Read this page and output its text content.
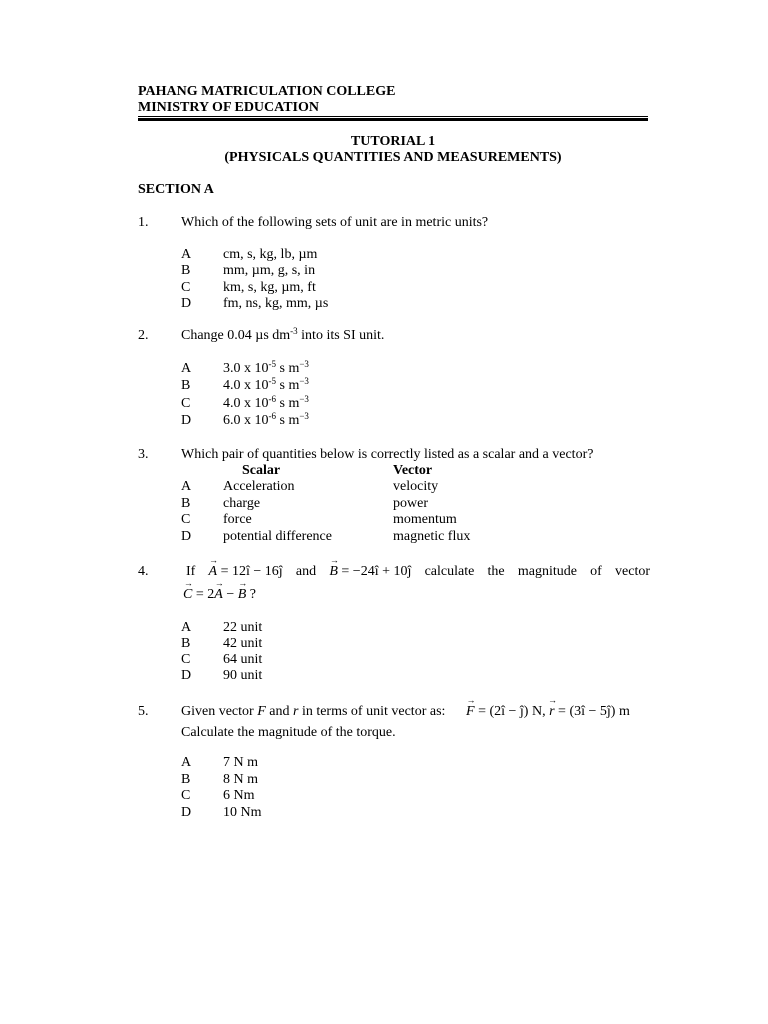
PAHANG MATRICULATION COLLEGE
MINISTRY OF EDUCATION
TUTORIAL 1
(PHYSICALS QUANTITIES AND MEASUREMENTS)
SECTION A
1. Which of the following sets of unit are in metric units?
A cm, s, kg, lb, µm
B mm, µm, g, s, in
C km, s, kg, µm, ft
D fm, ns, kg, mm, µs
2. Change 0.04 µs $dm^{-3}$ into its SI unit.
A 3.0 x $10^{-5}$ s $m^{-3}$
B 4.0 x $10^{-5}$ s $m^{-3}$
C 4.0 x $10^{-6}$ s $m^{-3}$
D 6.0 x $10^{-6}$ s $m^{-3}$
3. Which pair of quantities below is correctly listed as a scalar and a vector?
Scalar	Vector
A Acceleration	velocity
B charge	power
C force	momentum
D potential difference	magnetic flux
4.	If A → = 12î − 16ĵ and B → = −24î + 10ĵ calculate the magnitude of vector
C → = 2A → − B → ?
A 22 unit
B 42 unit
C 64 unit
D 90 unit
5. Given vector F and r in terms of unit vector as: F → = (2î − ĵ) N, r → = (3î − 5ĵ) m
Calculate the magnitude of the torque.
A 7 N m
B 8 N m
C 6 Nm
D 10 Nm
